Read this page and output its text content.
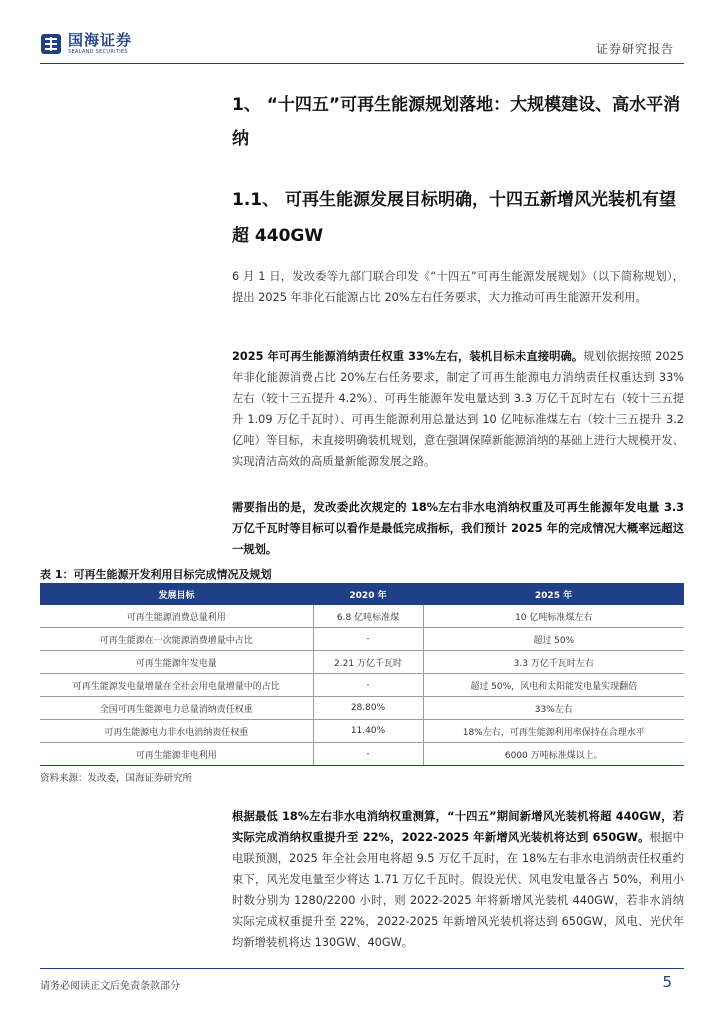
国海证券
SEALAND SECURITIES	证券研究报告
1、 “十四五”可再生能源规划落地：大规模建设、高水平消纳
1.1、 可再生能源发展目标明确，十四五新增风光装机有望超 440GW
6 月 1 日，发改委等九部门联合印发《“十四五”可再生能源发展规划》（以下简称规划），提出 2025 年非化石能源占比 20%左右任务要求，大力推动可再生能源开发利用。
2025 年可再生能源消纳责任权重 33%左右，装机目标未直接明确。规划依据按照 2025 年非化能源消费占比 20%左右任务要求，制定了可再生能源电力消纳责任权重达到 33%左右（较十三五提升 4.2%）、可再生能源年发电量达到 3.3 万亿千瓦时左右（较十三五提升 1.09 万亿千瓦时）、可再生能源利用总量达到 10 亿吨标准煤左右（较十三五提升 3.2 亿吨）等目标，未直接明确装机规划，意在强调保障新能源消纳的基础上进行大规模开发、实现清洁高效的高质量新能源发展之路。
需要指出的是，发改委此次规定的 18%左右非水电消纳权重及可再生能源年发电量 3.3 万亿千瓦时等目标可以看作是最低完成指标，我们预计 2025 年的完成情况大概率远超这一规划。
表 1：可再生能源开发利用目标完成情况及规划
发展目标	2020 年	2025 年
可再生能源消费总量利用	6.8 亿吨标准煤	10 亿吨标准煤左右
可再生能源在一次能源消费增量中占比	-	超过 50%
可再生能源年发电量	2.21 万亿千瓦时	3.3 万亿千瓦时左右
可再生能源发电量增量在全社会用电量增量中的占比	-	超过 50%，风电和太阳能发电量实现翻倍
全国可再生能源电力总量消纳责任权重	28.80%	33%左右
可再生能源电力非水电消纳责任权重	11.40%	18%左右，可再生能源利用率保持在合理水平
可再生能源非电利用	-	6000 万吨标准煤以上。
资料来源：发改委，国海证券研究所
根据最低 18%左右非水电消纳权重测算，“十四五”期间新增风光装机将超 440GW，若实际完成消纳权重提升至 22%，2022-2025 年新增风光装机将达到 650GW。根据中电联预测，2025 年全社会用电将超 9.5 万亿千瓦时，在 18%左右非水电消纳责任权重约束下，风光发电量至少将达 1.71 万亿千瓦时。假设光伏、风电发电量各占 50%，利用小时数分别为 1280/2200 小时，则 2022-2025 年将新增风光装机 440GW，若非水消纳实际完成权重提升至 22%，2022-2025 年新增风光装机将达到 650GW，风电、光伏年均新增装机将达 130GW、40GW。
请务必阅读正文后免责条款部分	5
